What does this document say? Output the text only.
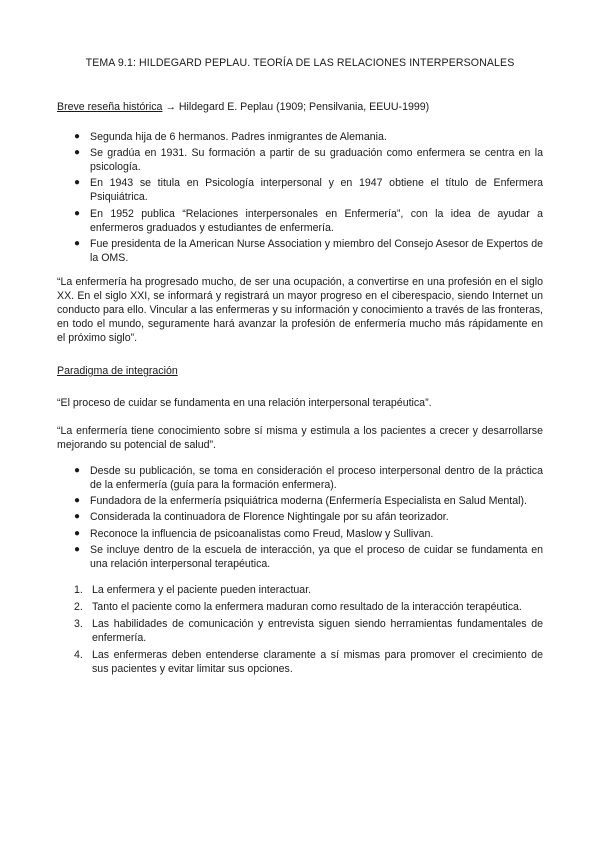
TEMA 9.1: HILDEGARD PEPLAU. TEORÍA DE LAS RELACIONES INTERPERSONALES
Breve reseña histórica → Hildegard E. Peplau (1909; Pensilvania, EEUU-1999)
● Segunda hija de 6 hermanos. Padres inmigrantes de Alemania.
● Se gradúa en 1931. Su formación a partir de su graduación como enfermera se centra en la psicología.
● En 1943 se titula en Psicología interpersonal y en 1947 obtiene el título de Enfermera Psiquiátrica.
● En 1952 publica “Relaciones interpersonales en Enfermería”, con la idea de ayudar a enfermeros graduados y estudiantes de enfermería.
● Fue presidenta de la American Nurse Association y miembro del Consejo Asesor de Expertos de la OMS.
“La enfermería ha progresado mucho, de ser una ocupación, a convertirse en una profesión en el siglo XX. En el siglo XXI, se informará y registrará un mayor progreso en el ciberespacio, siendo Internet un conducto para ello. Vincular a las enfermeras y su información y conocimiento a través de las fronteras, en todo el mundo, seguramente hará avanzar la profesión de enfermería mucho más rápidamente en el próximo siglo”.
Paradigma de integración
“El proceso de cuidar se fundamenta en una relación interpersonal terapéutica”.
“La enfermería tiene conocimiento sobre sí misma y estimula a los pacientes a crecer y desarrollarse mejorando su potencial de salud”.
● Desde su publicación, se toma en consideración el proceso interpersonal dentro de la práctica de la enfermería (guía para la formación enfermera).
● Fundadora de la enfermería psiquiátrica moderna (Enfermería Especialista en Salud Mental).
● Considerada la continuadora de Florence Nightingale por su afán teorizador.
● Reconoce la influencia de psicoanalistas como Freud, Maslow y Sullivan.
● Se incluye dentro de la escuela de interacción, ya que el proceso de cuidar se fundamenta en una relación interpersonal terapéutica.
1. La enfermera y el paciente pueden interactuar.
2. Tanto el paciente como la enfermera maduran como resultado de la interacción terapéutica.
3. Las habilidades de comunicación y entrevista siguen siendo herramientas fundamentales de enfermería.
4. Las enfermeras deben entenderse claramente a sí mismas para promover el crecimiento de sus pacientes y evitar limitar sus opciones.
